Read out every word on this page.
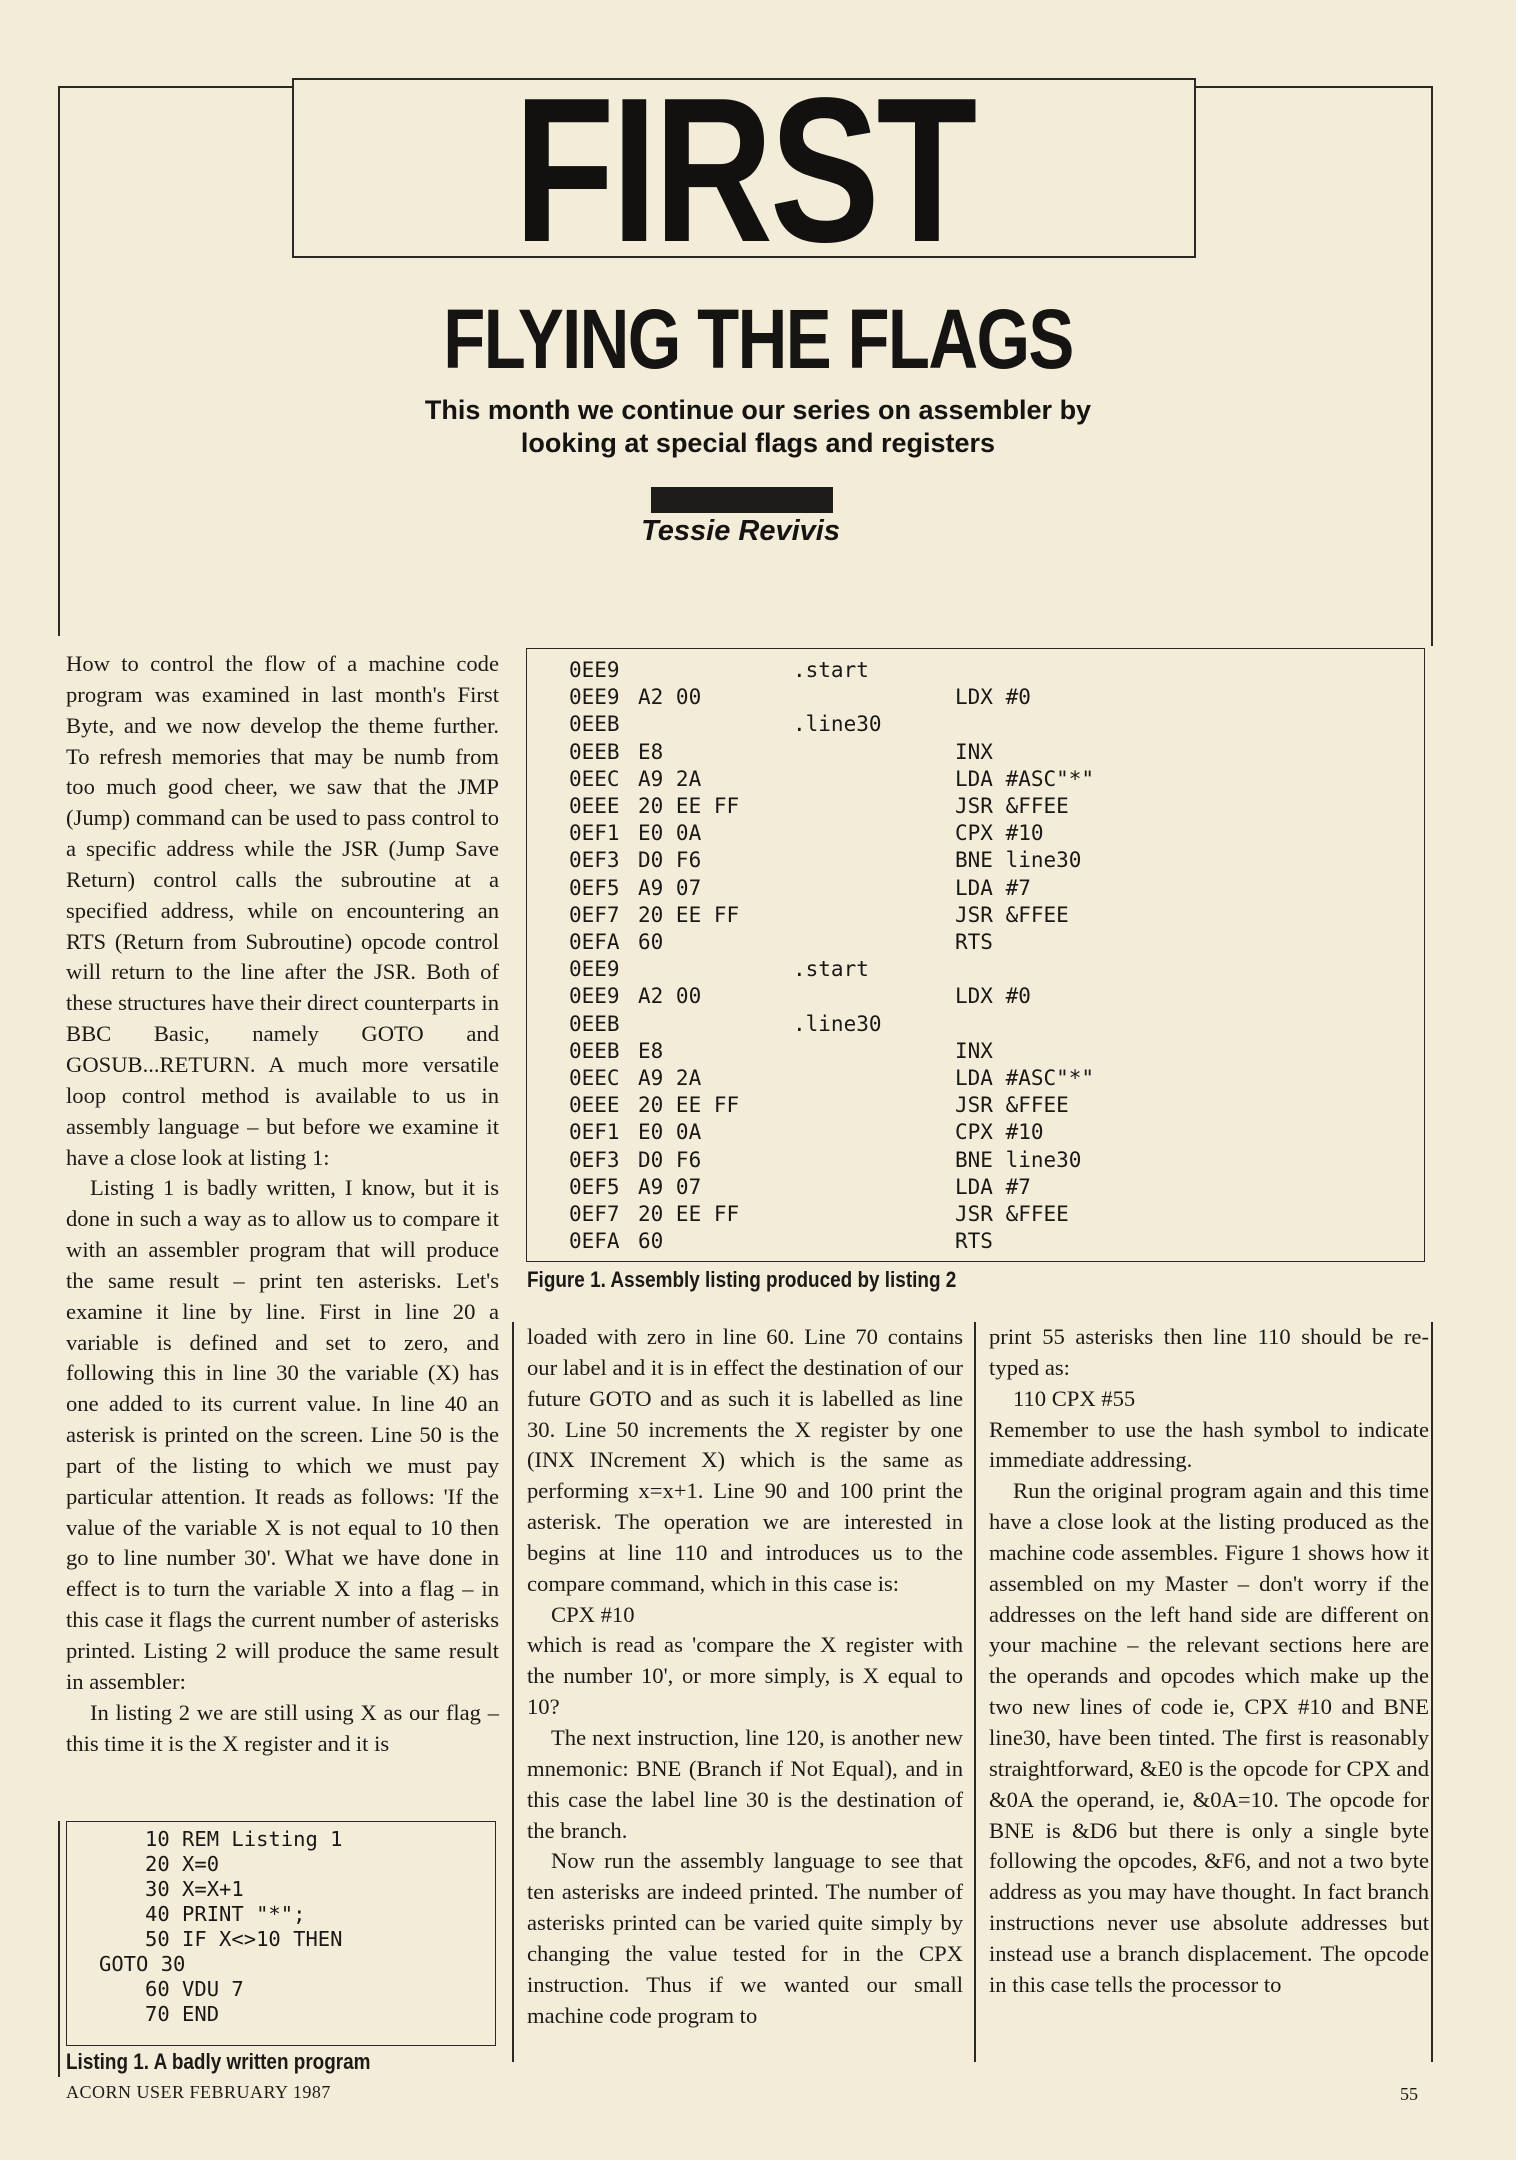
FIRST
FLYING THE FLAGS
This month we continue our series on assembler by
looking at special flags and registers
Tessie Revivis

How to control the flow of a machine code program was examined in last month's First Byte, and we now develop the theme further. To refresh memories that may be numb from too much good cheer, we saw that the JMP (Jump) command can be used to pass control to a specific address while the JSR (Jump Save Return) control calls the subroutine at a specified address, while on encountering an RTS (Return from Subroutine) opcode control will return to the line after the JSR. Both of these structures have their direct counterparts in BBC Basic, namely GOTO and GOSUB...RETURN. A much more versatile loop control method is available to us in assembly language – but before we examine it have a close look at listing 1:

Listing 1 is badly written, I know, but it is done in such a way as to allow us to compare it with an assembler program that will produce the same result – print ten asterisks. Let's examine it line by line. First in line 20 a variable is defined and set to zero, and following this in line 30 the variable (X) has one added to its current value. In line 40 an asterisk is printed on the screen. Line 50 is the part of the listing to which we must pay particular attention. It reads as follows: 'If the value of the variable X is not equal to 10 then go to line number 30'. What we have done in effect is to turn the variable X into a flag – in this case it flags the current number of asterisks printed. Listing 2 will produce the same result in assembler:

In listing 2 we are still using X as our flag – this time it is the X register and it is

0EE9	.start
0EE9 A2 00	LDX #0
0EEB	.line30
0EEB E8	INX
0EEC A9 2A	LDA #ASC"*"
0EEE 20 EE FF	JSR &FFEE
0EF1 E0 0A	CPX #10
0EF3 D0 F6	BNE line30
0EF5 A9 07	LDA #7
0EF7 20 EE FF	JSR &FFEE
0EFA 60	RTS
0EE9	.start
0EE9 A2 00	LDX #0
0EEB	.line30
0EEB E8	INX
0EEC A9 2A	LDA #ASC"*"
0EEE 20 EE FF	JSR &FFEE
0EF1 E0 0A	CPX #10
0EF3 D0 F6	BNE line30
0EF5 A9 07	LDA #7
0EF7 20 EE FF	JSR &FFEE
0EFA 60	RTS
Figure 1. Assembly listing produced by listing 2
10 REM Listing 1
20 X=0
30 X=X+1
40 PRINT "*";
50 IF X<>10 THEN
GOTO 30
60 VDU 7
70 END
Listing 1. A badly written program

loaded with zero in line 60. Line 70 contains our label and it is in effect the destination of our future GOTO and as such it is labelled as line 30. Line 50 increments the X register by one (INX INcrement X) which is the same as performing x=x+1. Line 90 and 100 print the asterisk. The operation we are interested in begins at line 110 and introduces us to the compare command, which in this case is:

CPX #10

which is read as 'compare the X register with the number 10', or more simply, is X equal to 10?

The next instruction, line 120, is another new mnemonic: BNE (Branch if Not Equal), and in this case the label line 30 is the destination of the branch.

Now run the assembly language to see that ten asterisks are indeed printed. The number of asterisks printed can be varied quite simply by changing the value tested for in the CPX instruction. Thus if we wanted our small machine code program to

print 55 asterisks then line 110 should be re-typed as:

110 CPX #55

Remember to use the hash symbol to indicate immediate addressing.

Run the original program again and this time have a close look at the listing produced as the machine code assembles. Figure 1 shows how it assembled on my Master – don't worry if the addresses on the left hand side are different on your machine – the relevant sections here are the operands and opcodes which make up the two new lines of code ie, CPX #10 and BNE line30, have been tinted. The first is reasonably straightforward, &E0 is the opcode for CPX and &0A the operand, ie, &0A=10. The opcode for BNE is &D6 but there is only a single byte following the opcodes, &F6, and not a two byte address as you may have thought. In fact branch instructions never use absolute addresses but instead use a branch displacement. The opcode in this case tells the processor to

ACORN USER FEBRUARY 1987	55
